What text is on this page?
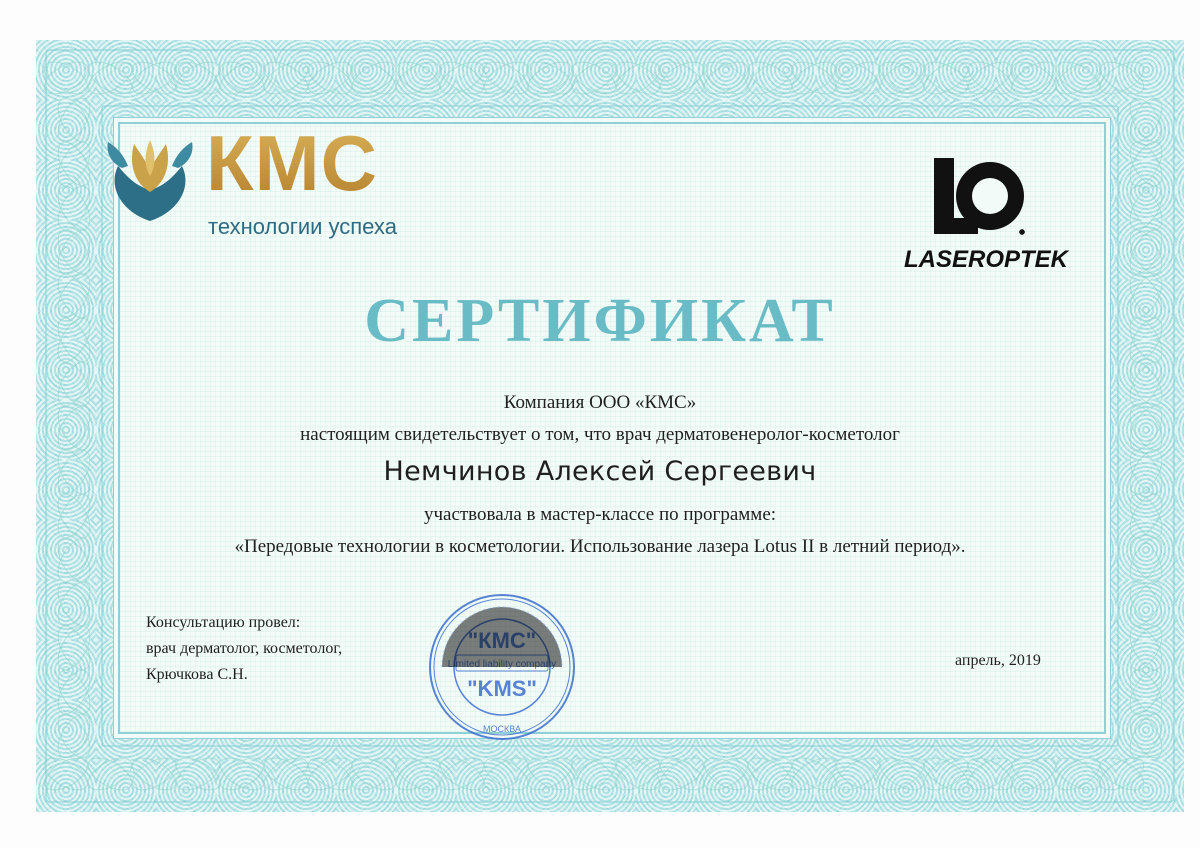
КМС
технологии успеха
LASEROPTEK
СЕРТИФИКАТ
Компания ООО «КМС»
настоящим свидетельствует о том, что врач дерматовенеролог-косметолог
Немчинов Алексей Сергеевич
участвовала в мастер-классе по программе:
«Передовые технологии в косметологии. Использование лазера Lotus II в летний период».
Консультацию провел:
врач дерматолог, косметолог,
Крючкова С.Н.
апрель, 2019
"KMS"
МОСКВА
